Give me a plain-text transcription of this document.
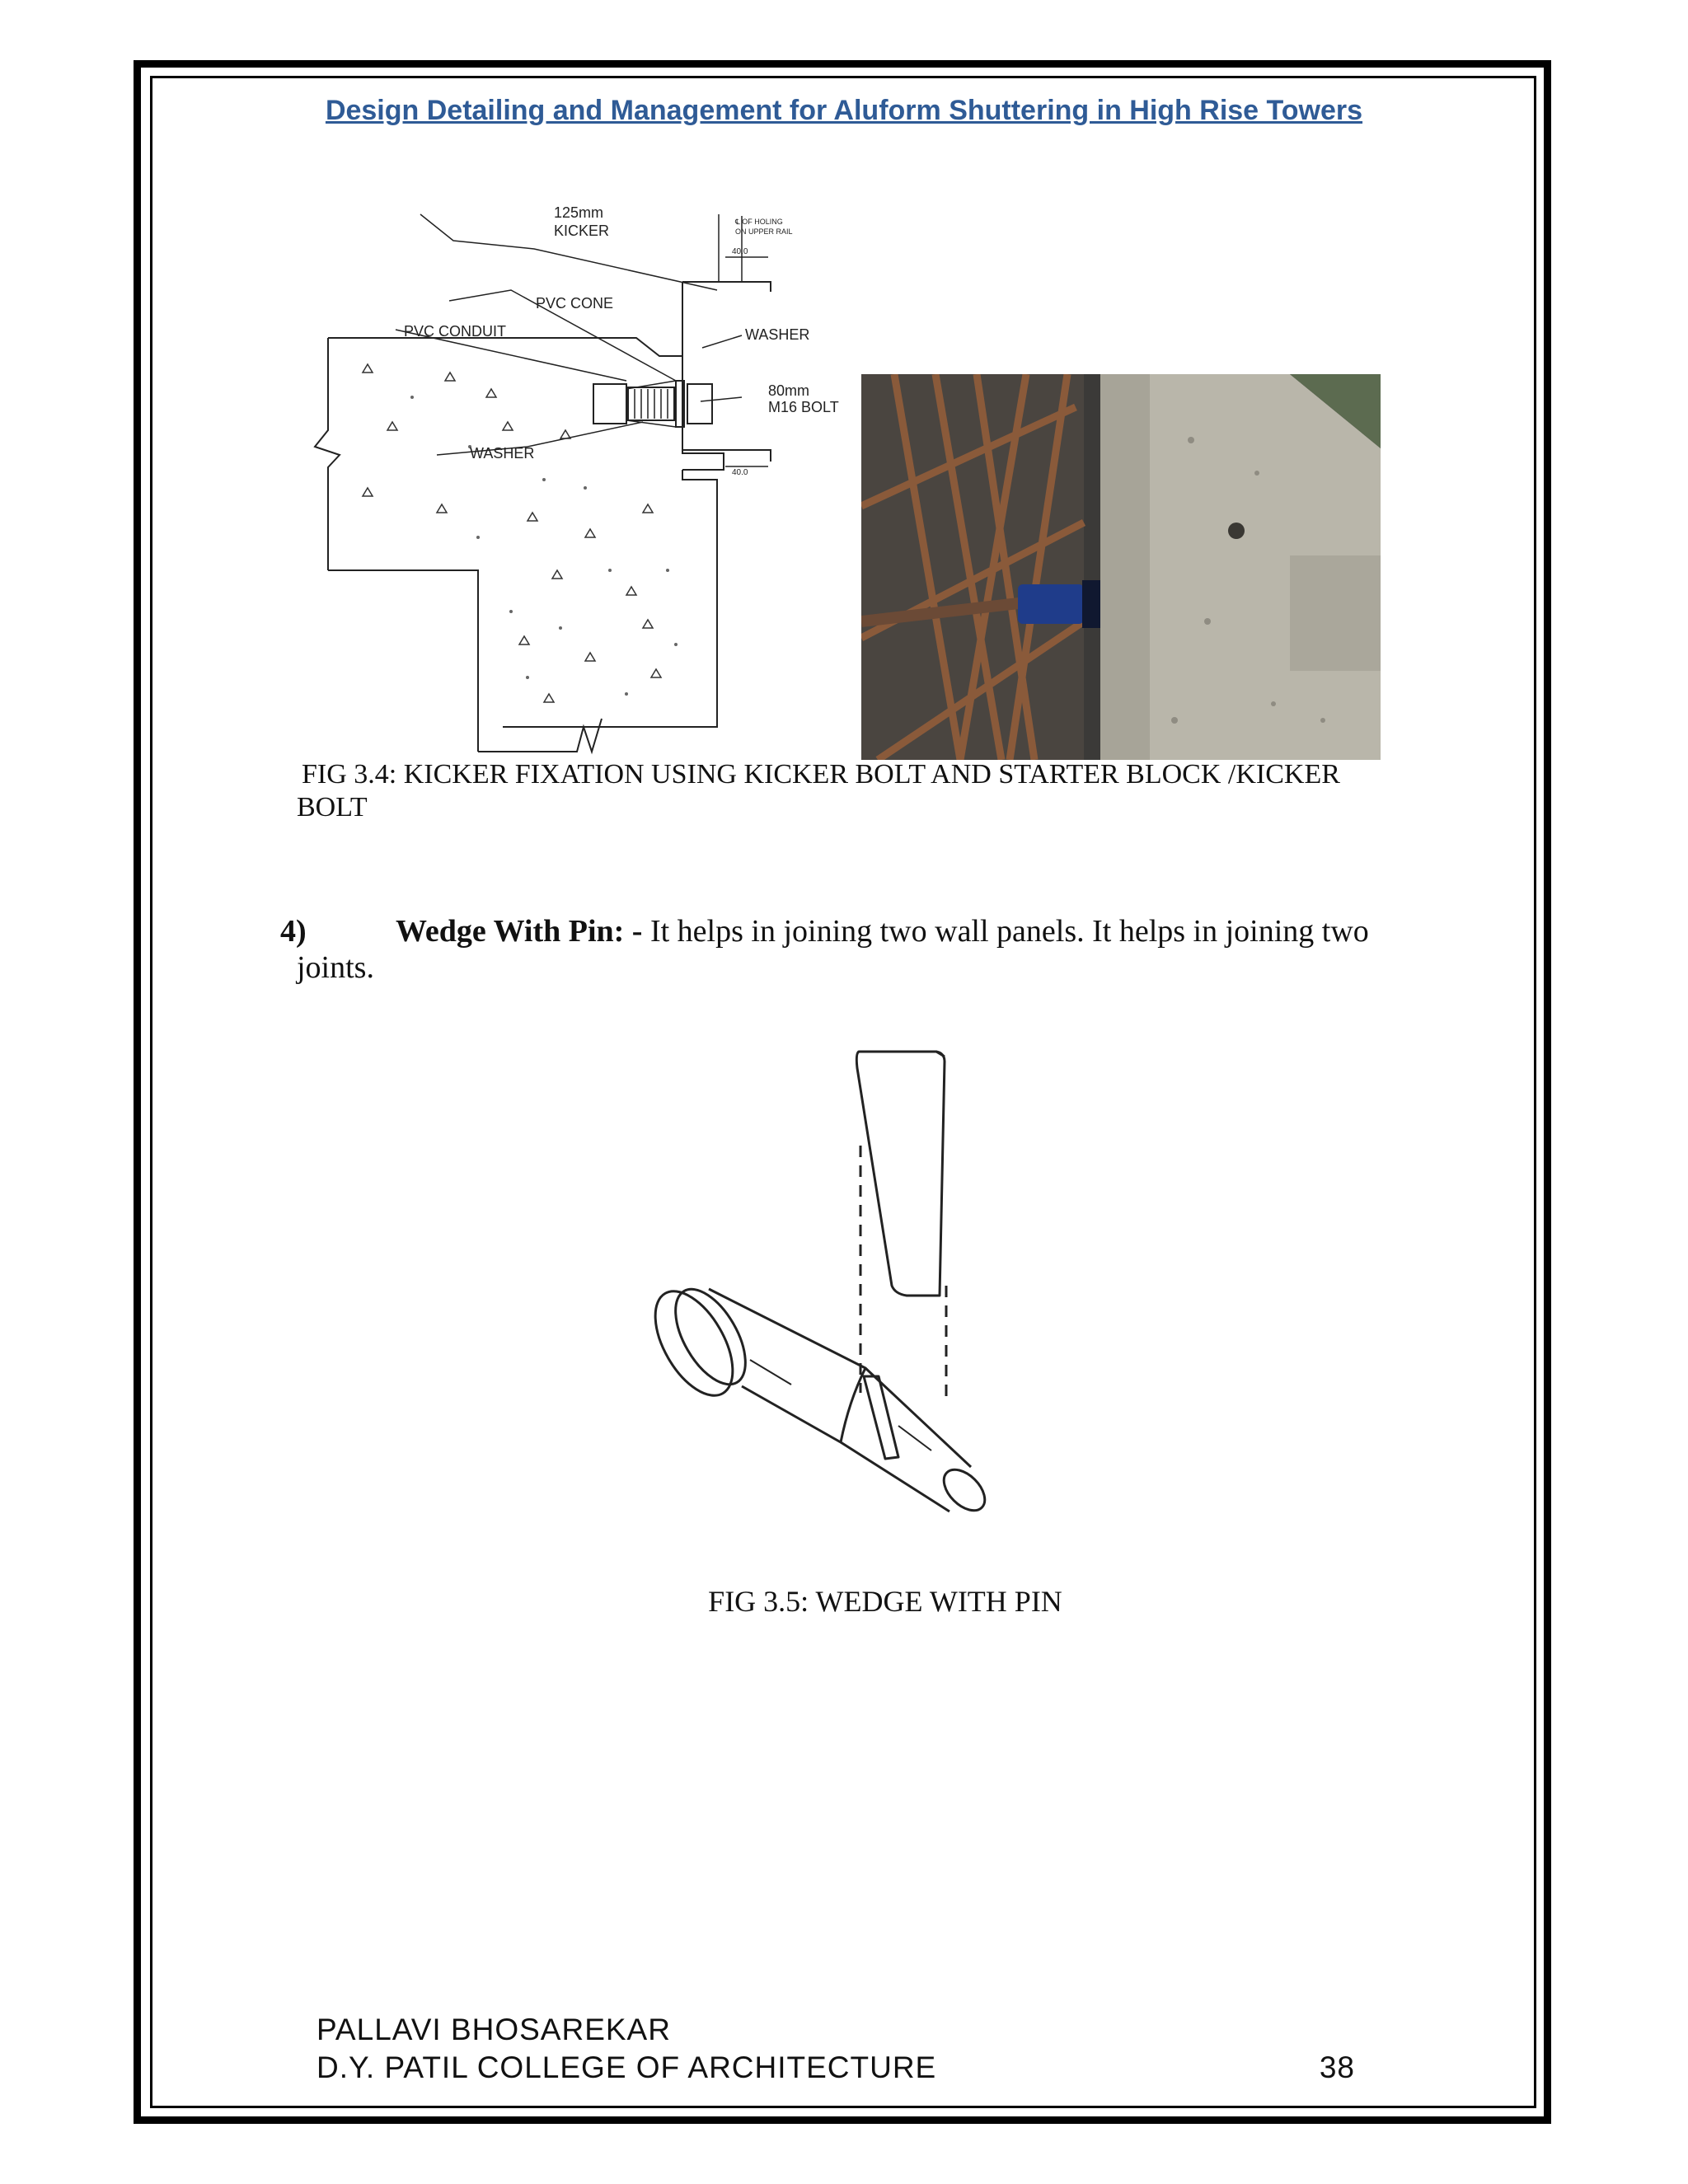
Design Detailing and Management for Aluform Shuttering in High Rise Towers
125mm
KICKER
℄ OF HOLING
ON UPPER RAIL
40.0
PVC CONE
PVC CONDUIT	WASHER
80mm
M16 BOLT
WASHER
40.0
FIG 3.4: KICKER FIXATION USING KICKER BOLT AND STARTER BLOCK /KICKER
BOLT
4)	Wedge With Pin: - It helps in joining two wall panels. It helps in joining two
joints.
FIG 3.5: WEDGE WITH PIN
PALLAVI BHOSAREKAR
D.Y. PATIL COLLEGE OF ARCHITECTURE	38
